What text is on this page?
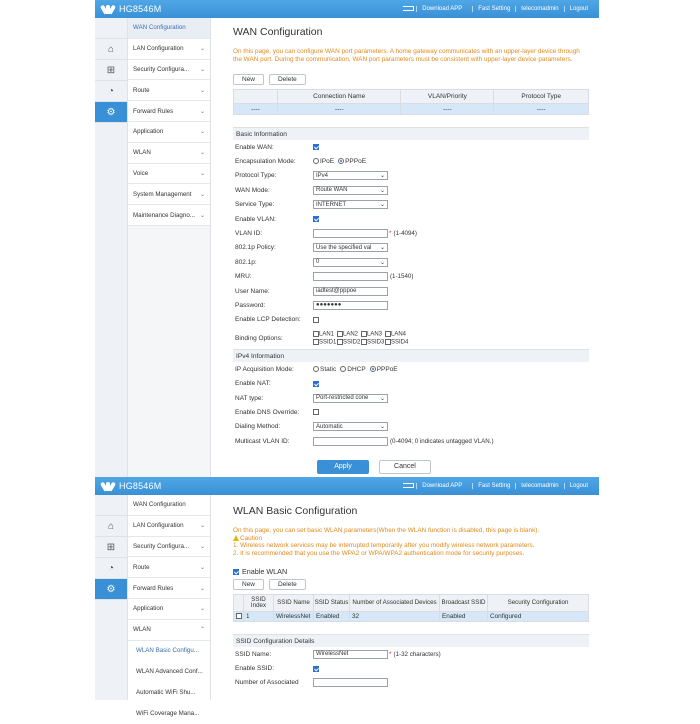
HG8546M	Download APP	Fast Setting	telecomadmin	Logout
⌂
⊞
◔
⚙
WAN Configuration
LAN Configuration	⌄
Security Configura... ⌄
Route	⌄
Forward Rules	⌄
Application	⌄
WLAN	⌄
Voice	⌄
System Management ⌄
Maintenance Diagno... ⌄
WAN Configuration
On this page, you can configure WAN port parameters. A home gateway communicates with an upper-layer device through the WAN port. During the communication, WAN port parameters must be consistent with upper-layer device parameters.
New	Delete
	Connection Name	VLAN/Priority	Protocol Type
----	----	----	----
Basic Information
Enable WAN:
Encapsulation Mode:	IPoE	PPPoE
Protocol Type:	IPv4	⌄
WAN Mode:	Route WAN	⌄
Service Type:	INTERNET	⌄
Enable VLAN:
VLAN ID:	* (1-4094)
802.1p Policy:	Use the specified val ⌄
802.1p:	0	⌄
MRU:	(1-1540)
User Name:	iadtest@pppoe
Password:	●●●●●●●
Enable LCP Detection:
Binding Options:	LAN1	LAN2	LAN3	LAN4
SSID1	SSID2	SSID3	SSID4
IPv4 Information
IP Acquisition Mode:	Static	DHCP	PPPoE
Enable NAT:
NAT type:	Port-restricted cone ⌄
Enable DNS Override:
Dialing Method:	Automatic	⌄
Multicast VLAN ID:	(0-4094; 0 indicates untagged VLAN.)
Apply	Cancel
HG8546M	Download APP	Fast Setting	telecomadmin	Logout
⌂
⊞
◔
⚙
WAN Configuration
LAN Configuration	⌄
Security Configura... ⌄
Route	⌄
Forward Rules	⌄
Application	⌄
WLAN	⌃
WLAN Basic Configu...
WLAN Advanced Conf...
Automatic WiFi Shu...
WiFi Coverage Mana...
WLAN Basic Configuration
On this page, you can set basic WLAN parameters(When the WLAN function is disabled, this page is blank).
Caution
1. Wireless network services may be interrupted temporarily after you modify wireless network parameters.
2. It is recommended that you use the WPA2 or WPA/WPA2 authentication mode for security purposes.
Enable WLAN
New	Delete
	SSID Index	SSID Name	SSID Status	Number of Associated Devices	Broadcast SSID	Security Configuration
	1	WirelessNet	Enabled	32	Enabled	Configured
SSID Configuration Details
SSID Name:	WirelessNet	* (1-32 characters)
Enable SSID:
Number of Associated
